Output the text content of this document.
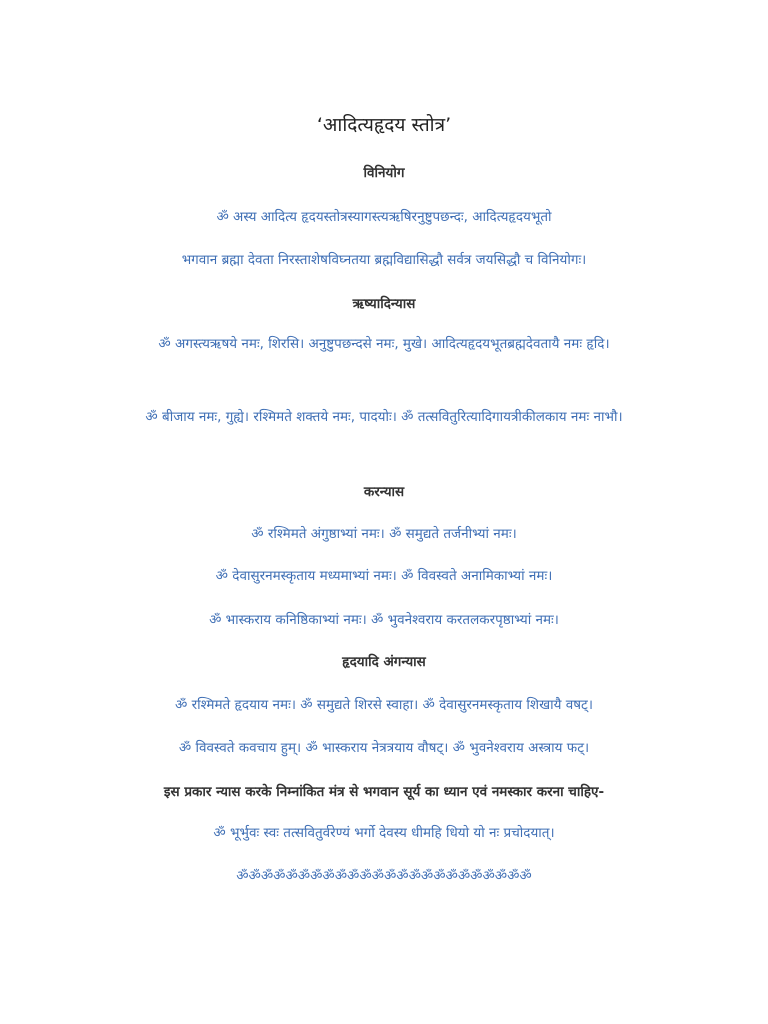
‘आदित्यहृदय स्तोत्र’
विनियोग
ॐ अस्य आदित्य हृदयस्तोत्रस्यागस्त्यऋषिरनुष्टुपछन्दः, आदित्यहृदयभूतो
भगवान ब्रह्मा देवता निरस्ताशेषविघ्नतया ब्रह्मविद्यासिद्धौ सर्वत्र जयसिद्धौ च विनियोगः।
ऋष्यादिन्यास
ॐ अगस्त्यऋषये नमः, शिरसि। अनुष्टुपछन्दसे नमः, मुखे। आदित्यहृदयभूतब्रह्मदेवतायै नमः हृदि।
ॐ बीजाय नमः, गुह्ये। रश्मिमते शक्तये नमः, पादयोः। ॐ तत्सवितुरित्यादिगायत्रीकीलकाय नमः नाभौ।
करन्यास
ॐ रश्मिमते अंगुष्ठाभ्यां नमः। ॐ समुद्यते तर्जनीभ्यां नमः।
ॐ देवासुरनमस्कृताय मध्यमाभ्यां नमः। ॐ विवस्वते अनामिकाभ्यां नमः।
ॐ भास्कराय कनिष्ठिकाभ्यां नमः। ॐ भुवनेश्वराय करतलकरपृष्ठाभ्यां नमः।
हृदयादि अंगन्यास
ॐ रश्मिमते हृदयाय नमः। ॐ समुद्यते शिरसे स्वाहा। ॐ देवासुरनमस्कृताय शिखायै वषट्।
ॐ विवस्वते कवचाय हुम्। ॐ भास्कराय नेत्रत्रयाय वौषट्। ॐ भुवनेश्वराय अस्त्राय फट्।
इस प्रकार न्यास करके निम्नांकित मंत्र से भगवान सूर्य का ध्यान एवं नमस्कार करना चाहिए-
ॐ भूर्भुवः स्वः तत्सवितुर्वरेण्यं भर्गो देवस्य धीमहि धियो यो नः प्रचोदयात्।
ॐॐॐॐॐॐॐॐॐॐॐॐॐॐॐॐॐॐॐॐॐॐॐॐ
